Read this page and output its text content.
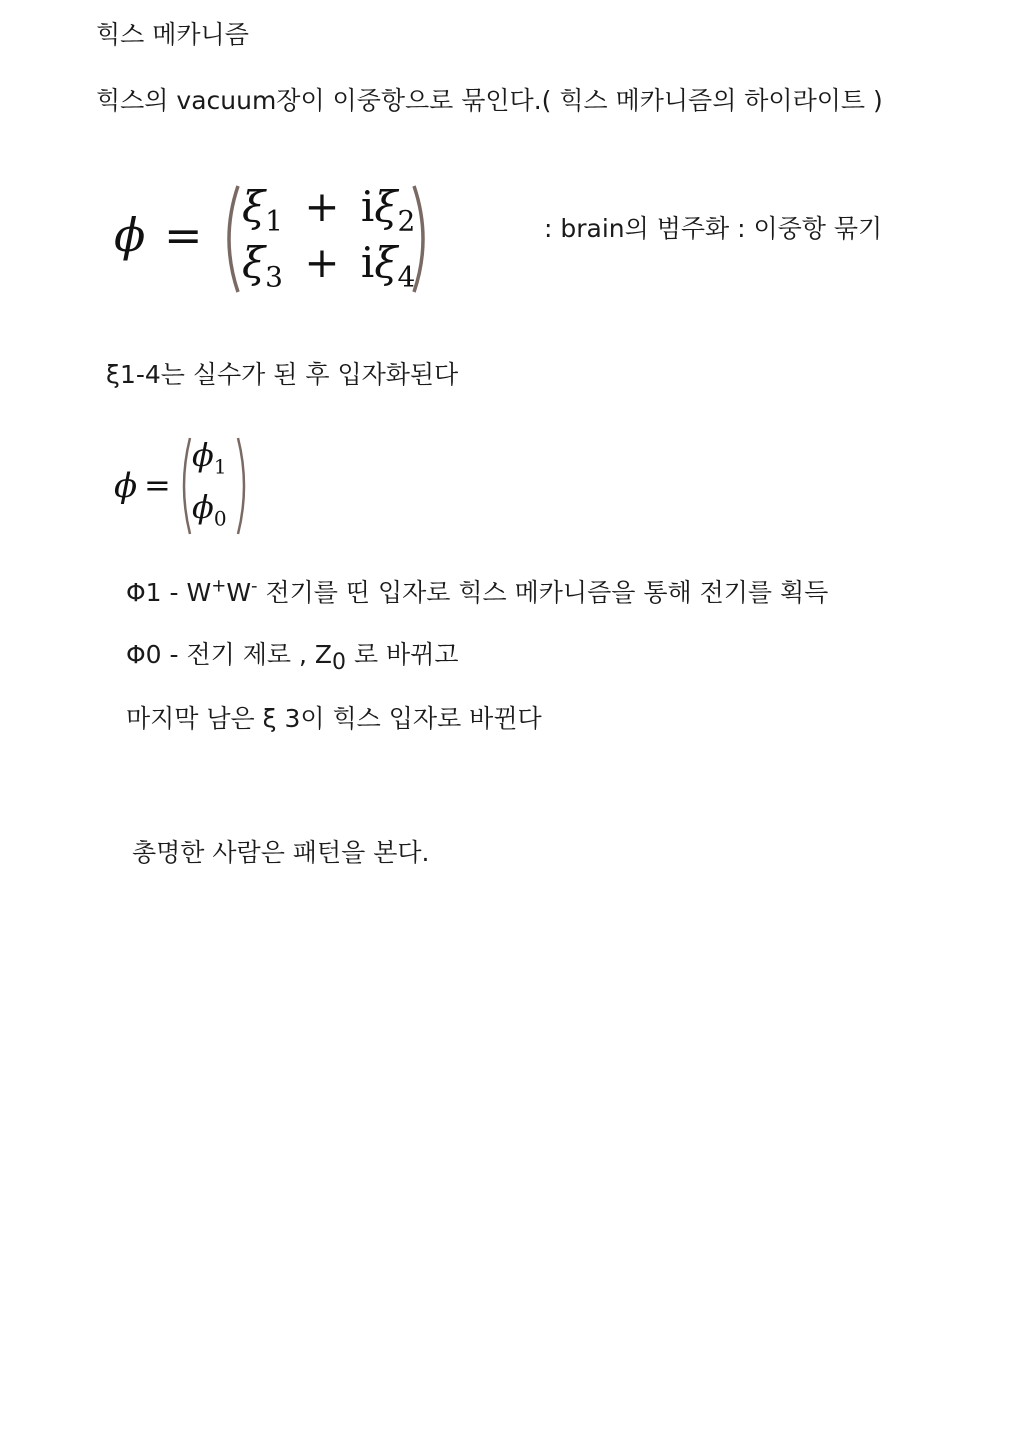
힉스 메카니즘
힉스의 vacuum장이 이중항으로 묶인다.( 힉스 메카니즘의 하이라이트 )
ϕ =
$\xi_1 + i\xi_2$
$\xi_3 + i\xi_4$
: brain의 범주화 : 이중항 묶기
ξ1-4는 실수가 된 후 입자화된다
ϕ =
$\phi_1$
$\phi_0$
Φ1 - W+W- 전기를 띤 입자로 힉스 메카니즘을 통해 전기를 획득
Φ0 - 전기 제로 , $Z_0$ 로 바뀌고
마지막 남은 ξ 3이 힉스 입자로 바뀐다
총명한 사람은 패턴을 본다.
